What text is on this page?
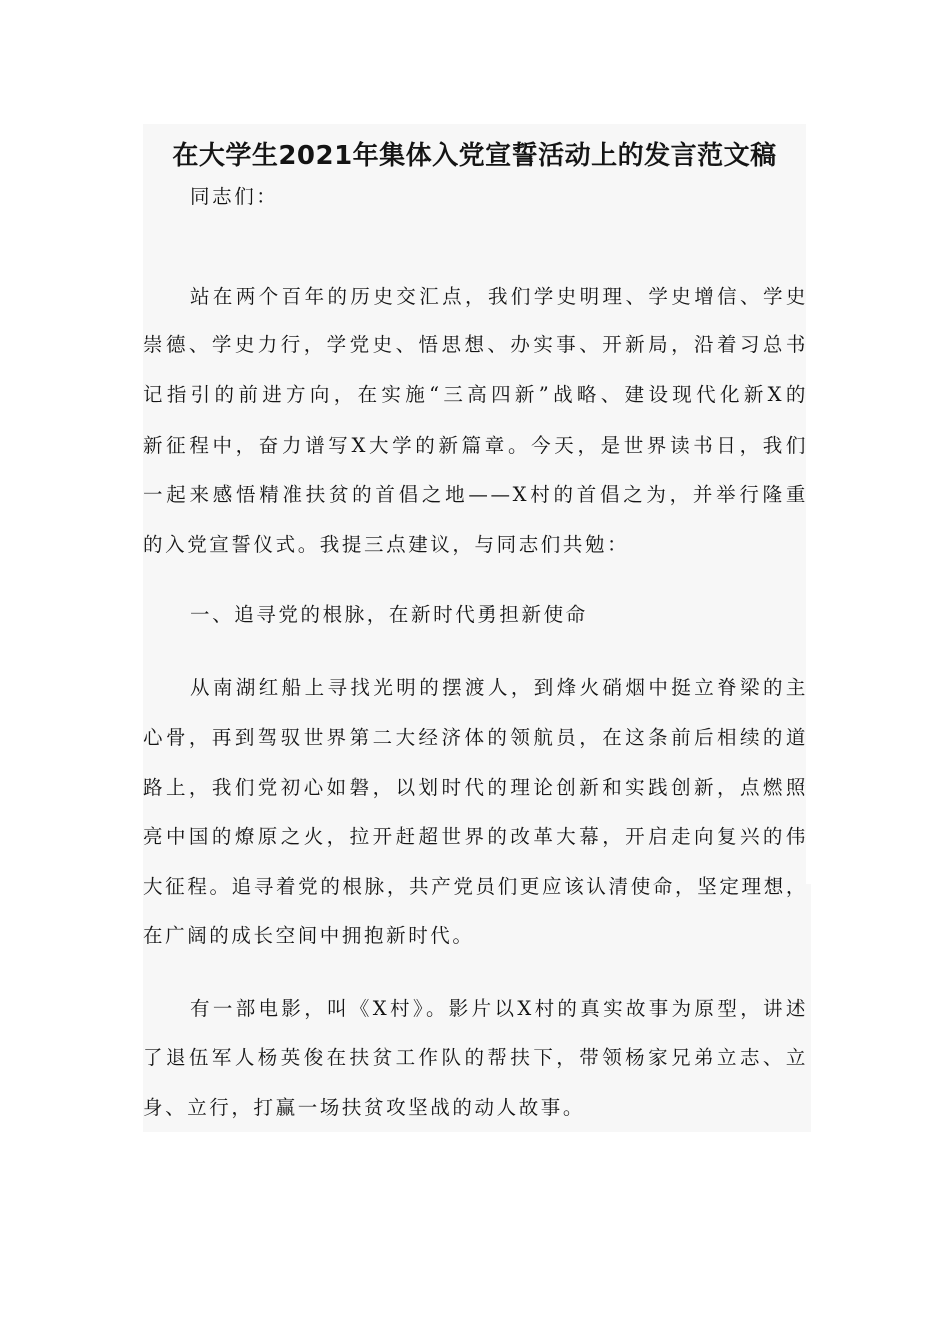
在大学生2021年集体入党宣誓活动上的发言范文稿
同志们：
站在两个百年的历史交汇点，我们学史明理、学史增信、学史
崇德、学史力行，学党史、悟思想、办实事、开新局，沿着习总书
记指引的前进方向，在实施“三高四新”战略、建设现代化新X的
新征程中，奋力谱写X大学的新篇章。今天，是世界读书日，我们
一起来感悟精准扶贫的首倡之地——X村的首倡之为，并举行隆重
的入党宣誓仪式。我提三点建议，与同志们共勉：
一、追寻党的根脉，在新时代勇担新使命
从南湖红船上寻找光明的摆渡人，到烽火硝烟中挺立脊梁的主
心骨，再到驾驭世界第二大经济体的领航员，在这条前后相续的道
路上，我们党初心如磐，以划时代的理论创新和实践创新，点燃照
亮中国的燎原之火，拉开赶超世界的改革大幕，开启走向复兴的伟
大征程。追寻着党的根脉，共产党员们更应该认清使命，坚定理想，
在广阔的成长空间中拥抱新时代。
有一部电影，叫《X村》。影片以X村的真实故事为原型，讲述
了退伍军人杨英俊在扶贫工作队的帮扶下，带领杨家兄弟立志、立
身、立行，打赢一场扶贫攻坚战的动人故事。
